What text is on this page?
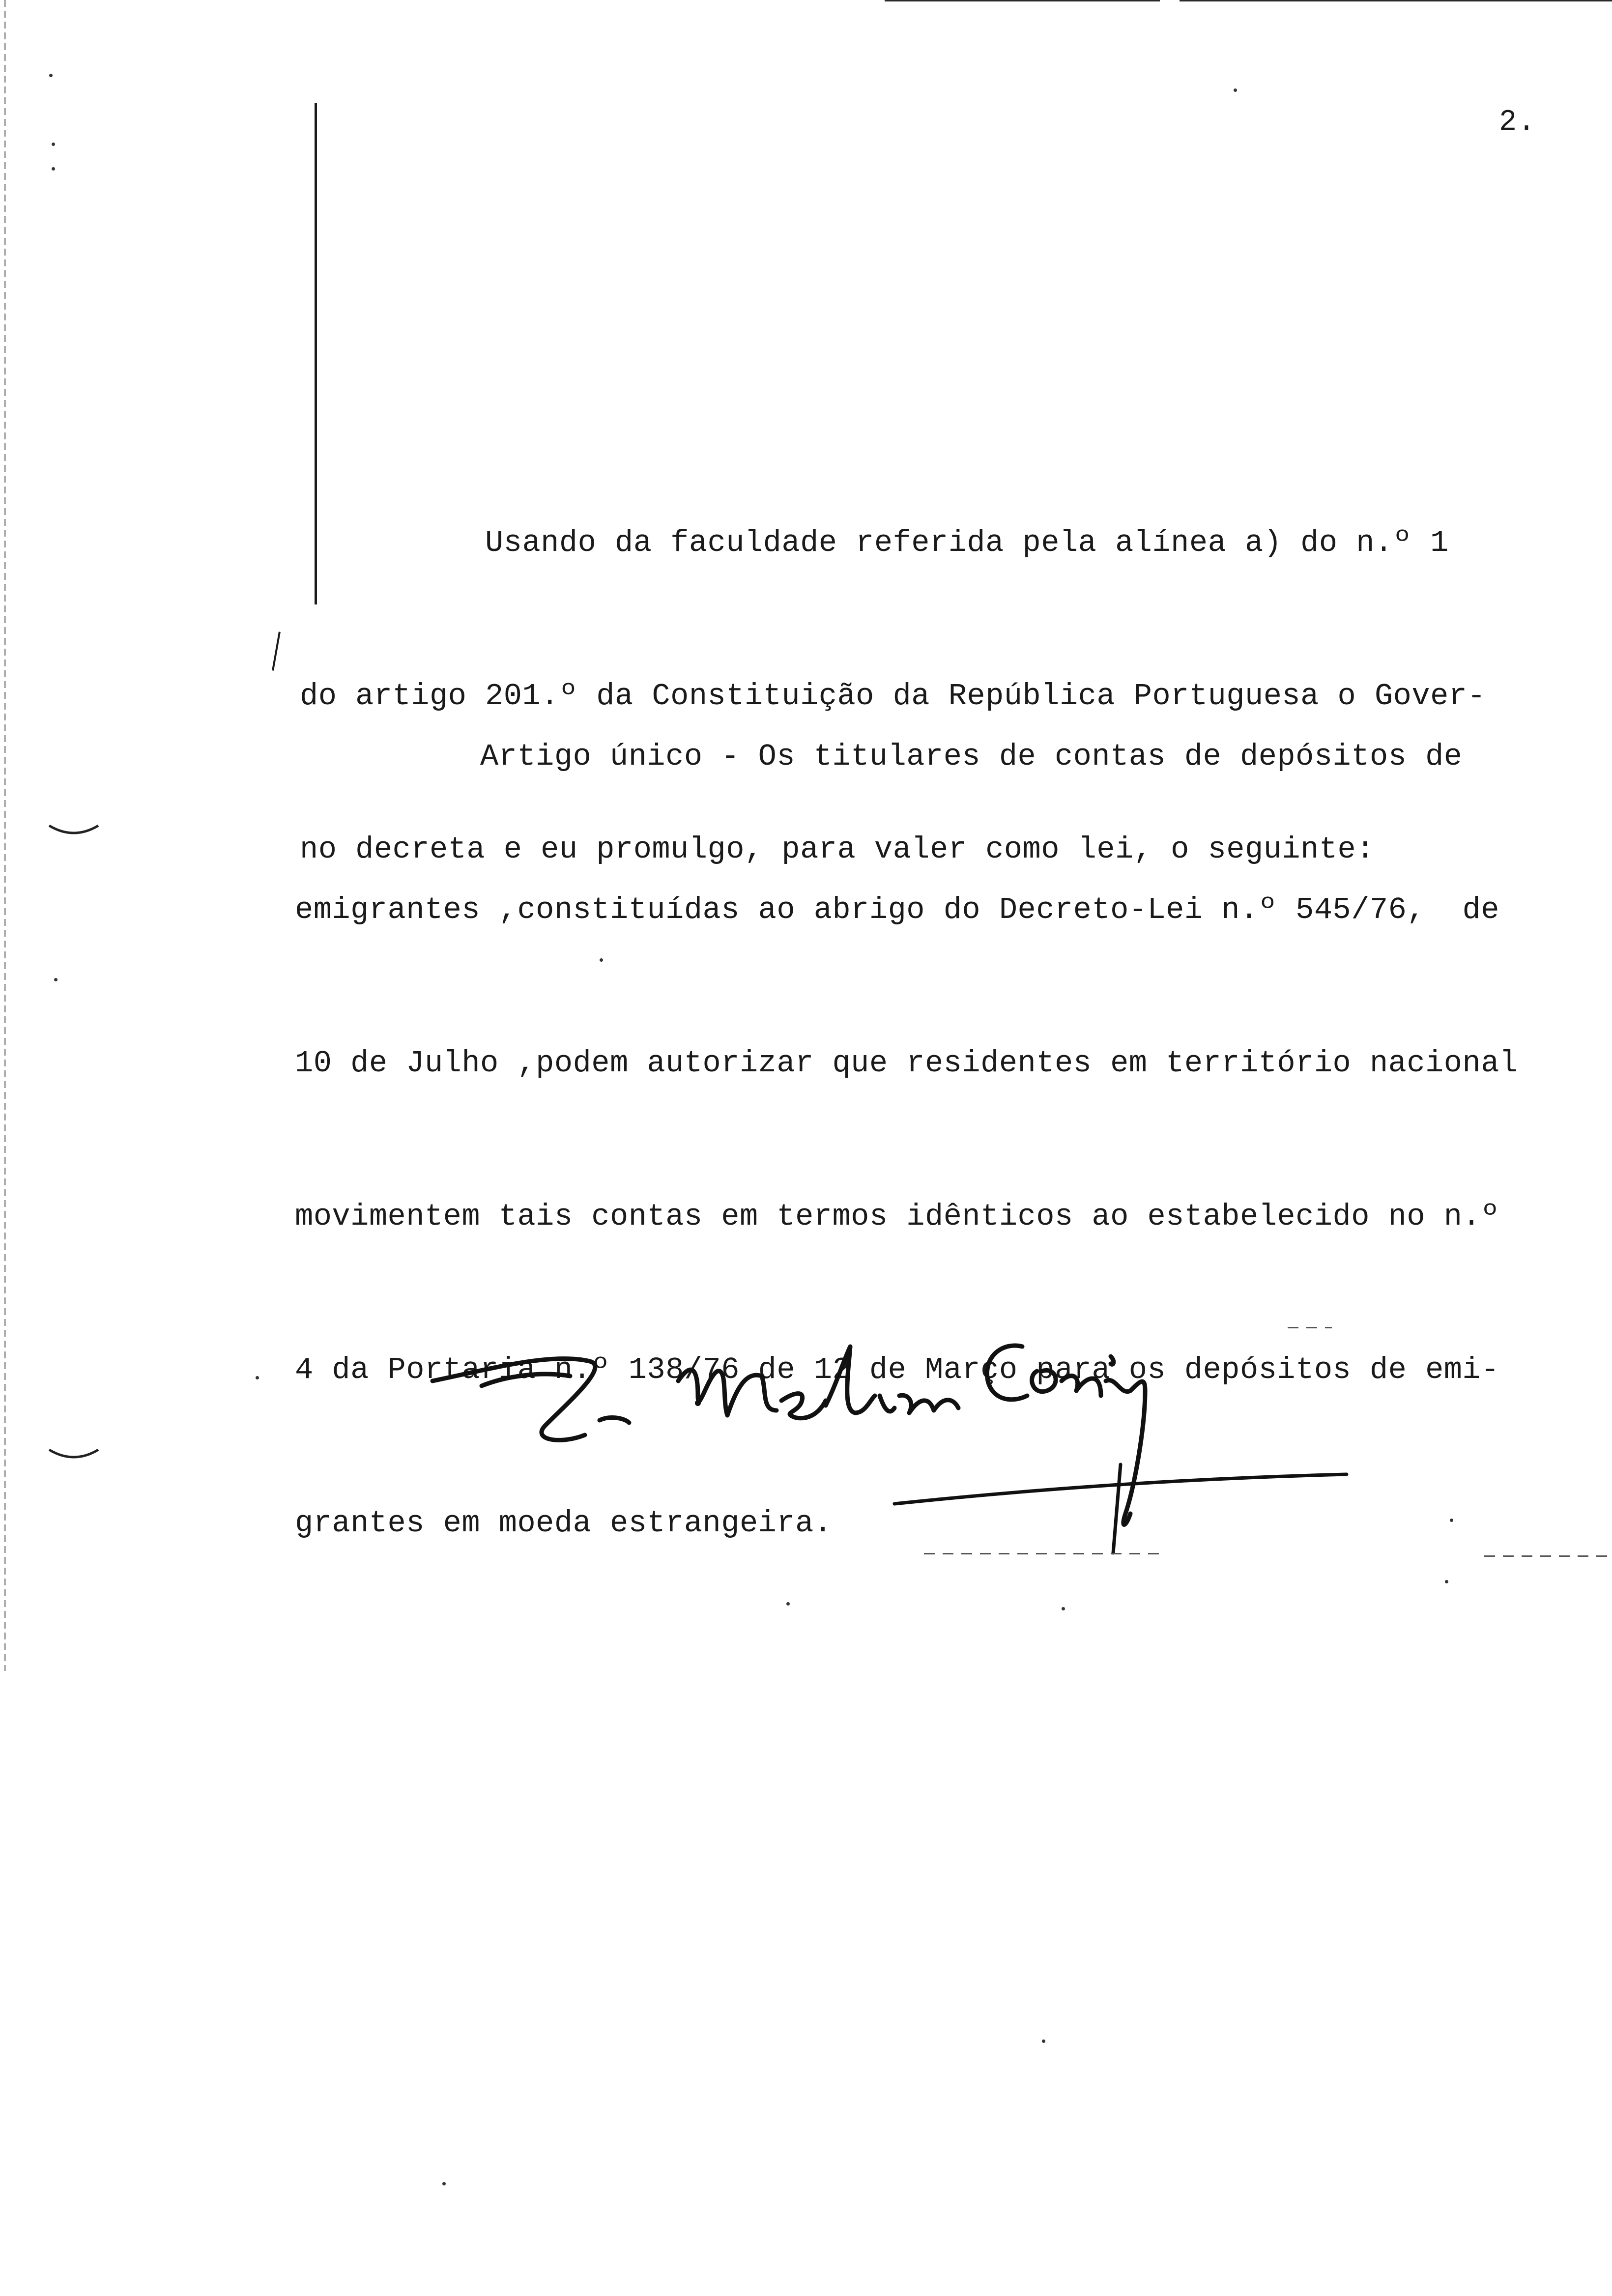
2.

Usando da faculdade referida pela alínea a) do n.º 1

do artigo 201.º da Constituição da República Portuguesa o Gover-

no decreta e eu promulgo, para valer como lei, o seguinte:

Artigo único - Os titulares de contas de depósitos de

emigrantes ,constituídas ao abrigo do Decreto-Lei n.º 545/76,  de

10 de Julho ,podem autorizar que residentes em território nacional

movimentem tais contas em termos idênticos ao estabelecido no n.º

4 da Portaria n.º 138/76 de 12 de Março para os depósitos de emi-

grantes em moeda estrangeira.
